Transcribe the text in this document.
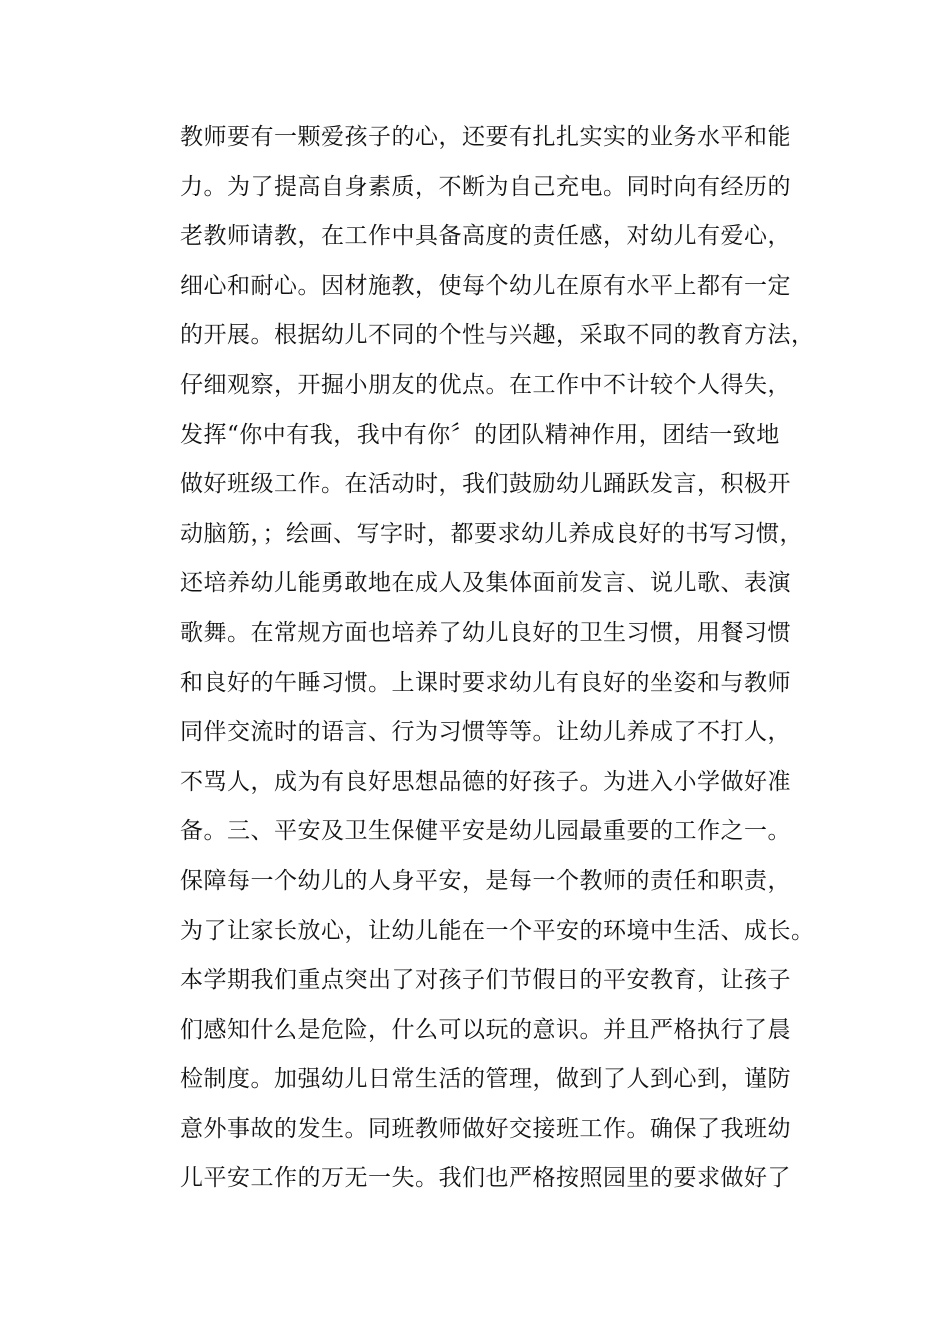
教师要有一颗爱孩子的心，还要有扎扎实实的业务水平和能
力。为了提高自身素质，不断为自己充电。同时向有经历的
老教师请教，在工作中具备高度的责任感，对幼儿有爱心，
细心和耐心。因材施教，使每个幼儿在原有水平上都有一定
的开展。根据幼儿不同的个性与兴趣，采取不同的教育方法，
仔细观察，开掘小朋友的优点。在工作中不计较个人得失，
发挥“你中有我，我中有你〞的团队精神作用，团结一致地
做好班级工作。在活动时，我们鼓励幼儿踊跃发言，积极开
动脑筋，；绘画、写字时，都要求幼儿养成良好的书写习惯，
还培养幼儿能勇敢地在成人及集体面前发言、说儿歌、表演
歌舞。在常规方面也培养了幼儿良好的卫生习惯，用餐习惯
和良好的午睡习惯。上课时要求幼儿有良好的坐姿和与教师
同伴交流时的语言、行为习惯等等。让幼儿养成了不打人，
不骂人，成为有良好思想品德的好孩子。为进入小学做好准
备。三、平安及卫生保健平安是幼儿园最重要的工作之一。
保障每一个幼儿的人身平安，是每一个教师的责任和职责，
为了让家长放心，让幼儿能在一个平安的环境中生活、成长。
本学期我们重点突出了对孩子们节假日的平安教育，让孩子
们感知什么是危险，什么可以玩的意识。并且严格执行了晨
检制度。加强幼儿日常生活的管理，做到了人到心到，谨防
意外事故的发生。同班教师做好交接班工作。确保了我班幼
儿平安工作的万无一失。我们也严格按照园里的要求做好了
